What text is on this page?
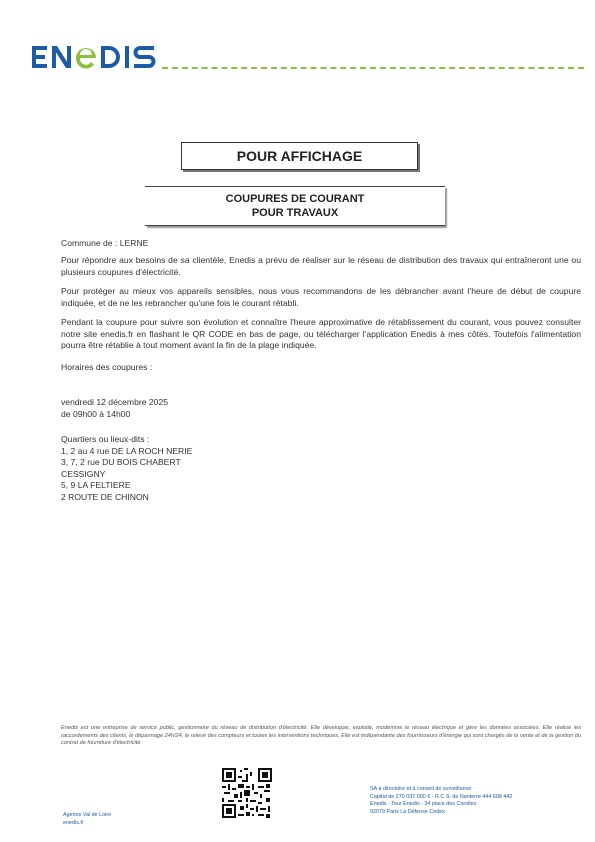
POUR AFFICHAGE
COUPURES DE COURANT
POUR TRAVAUX
Commune de : LERNE
Pour répondre aux besoins de sa clientèle, Enedis a prévu de réaliser sur le réseau de distribution des travaux qui entraîneront une ou plusieurs coupures d'électricité.
Pour protéger au mieux vos appareils sensibles, nous vous recommandons de les débrancher avant l'heure de début de coupure indiquée, et de ne les rebrancher qu'une fois le courant rétabli.
Pendant la coupure pour suivre son évolution et connaître l'heure approximative de rétablissement du courant, vous pouvez consulter notre site enedis.fr en flashant le QR CODE en bas de page, ou télécharger l'application Enedis à mes côtés. Toutefois l'alimentation pourra être rétablie à tout moment avant la fin de la plage indiquée.
Horaires des coupures :
vendredi 12 décembre 2025
de 09h00 à 14h00
Quartiers ou lieux-dits :
1, 2 au 4 rue DE LA ROCH NERIE
3, 7, 2 rue DU BOIS CHABERT
CESSIGNY
5, 9 LA FELTIERE
2 ROUTE DE CHINON
Enedis est une entreprise de service public, gestionnaire du réseau de distribution d'électricité. Elle développe, exploite, modernise le réseau électrique et gère les données associées. Elle réalise les raccordements des clients, le dépannage 24h/24, le relevé des compteurs et toutes les interventions techniques. Elle est indépendante des fournisseurs d'énergie qui sont chargés de la vente et de la gestion du contrat de fourniture d'électricité.
Agence Val de Loire
enedis.fr
SA à directoire et à conseil de surveillance
Capital de 270 037 000 € - R.C.S. de Nanterre 444 608 442
Enedis - Tour Enedis - 34 place des Corolles
92079 Paris La Défense Cedex
